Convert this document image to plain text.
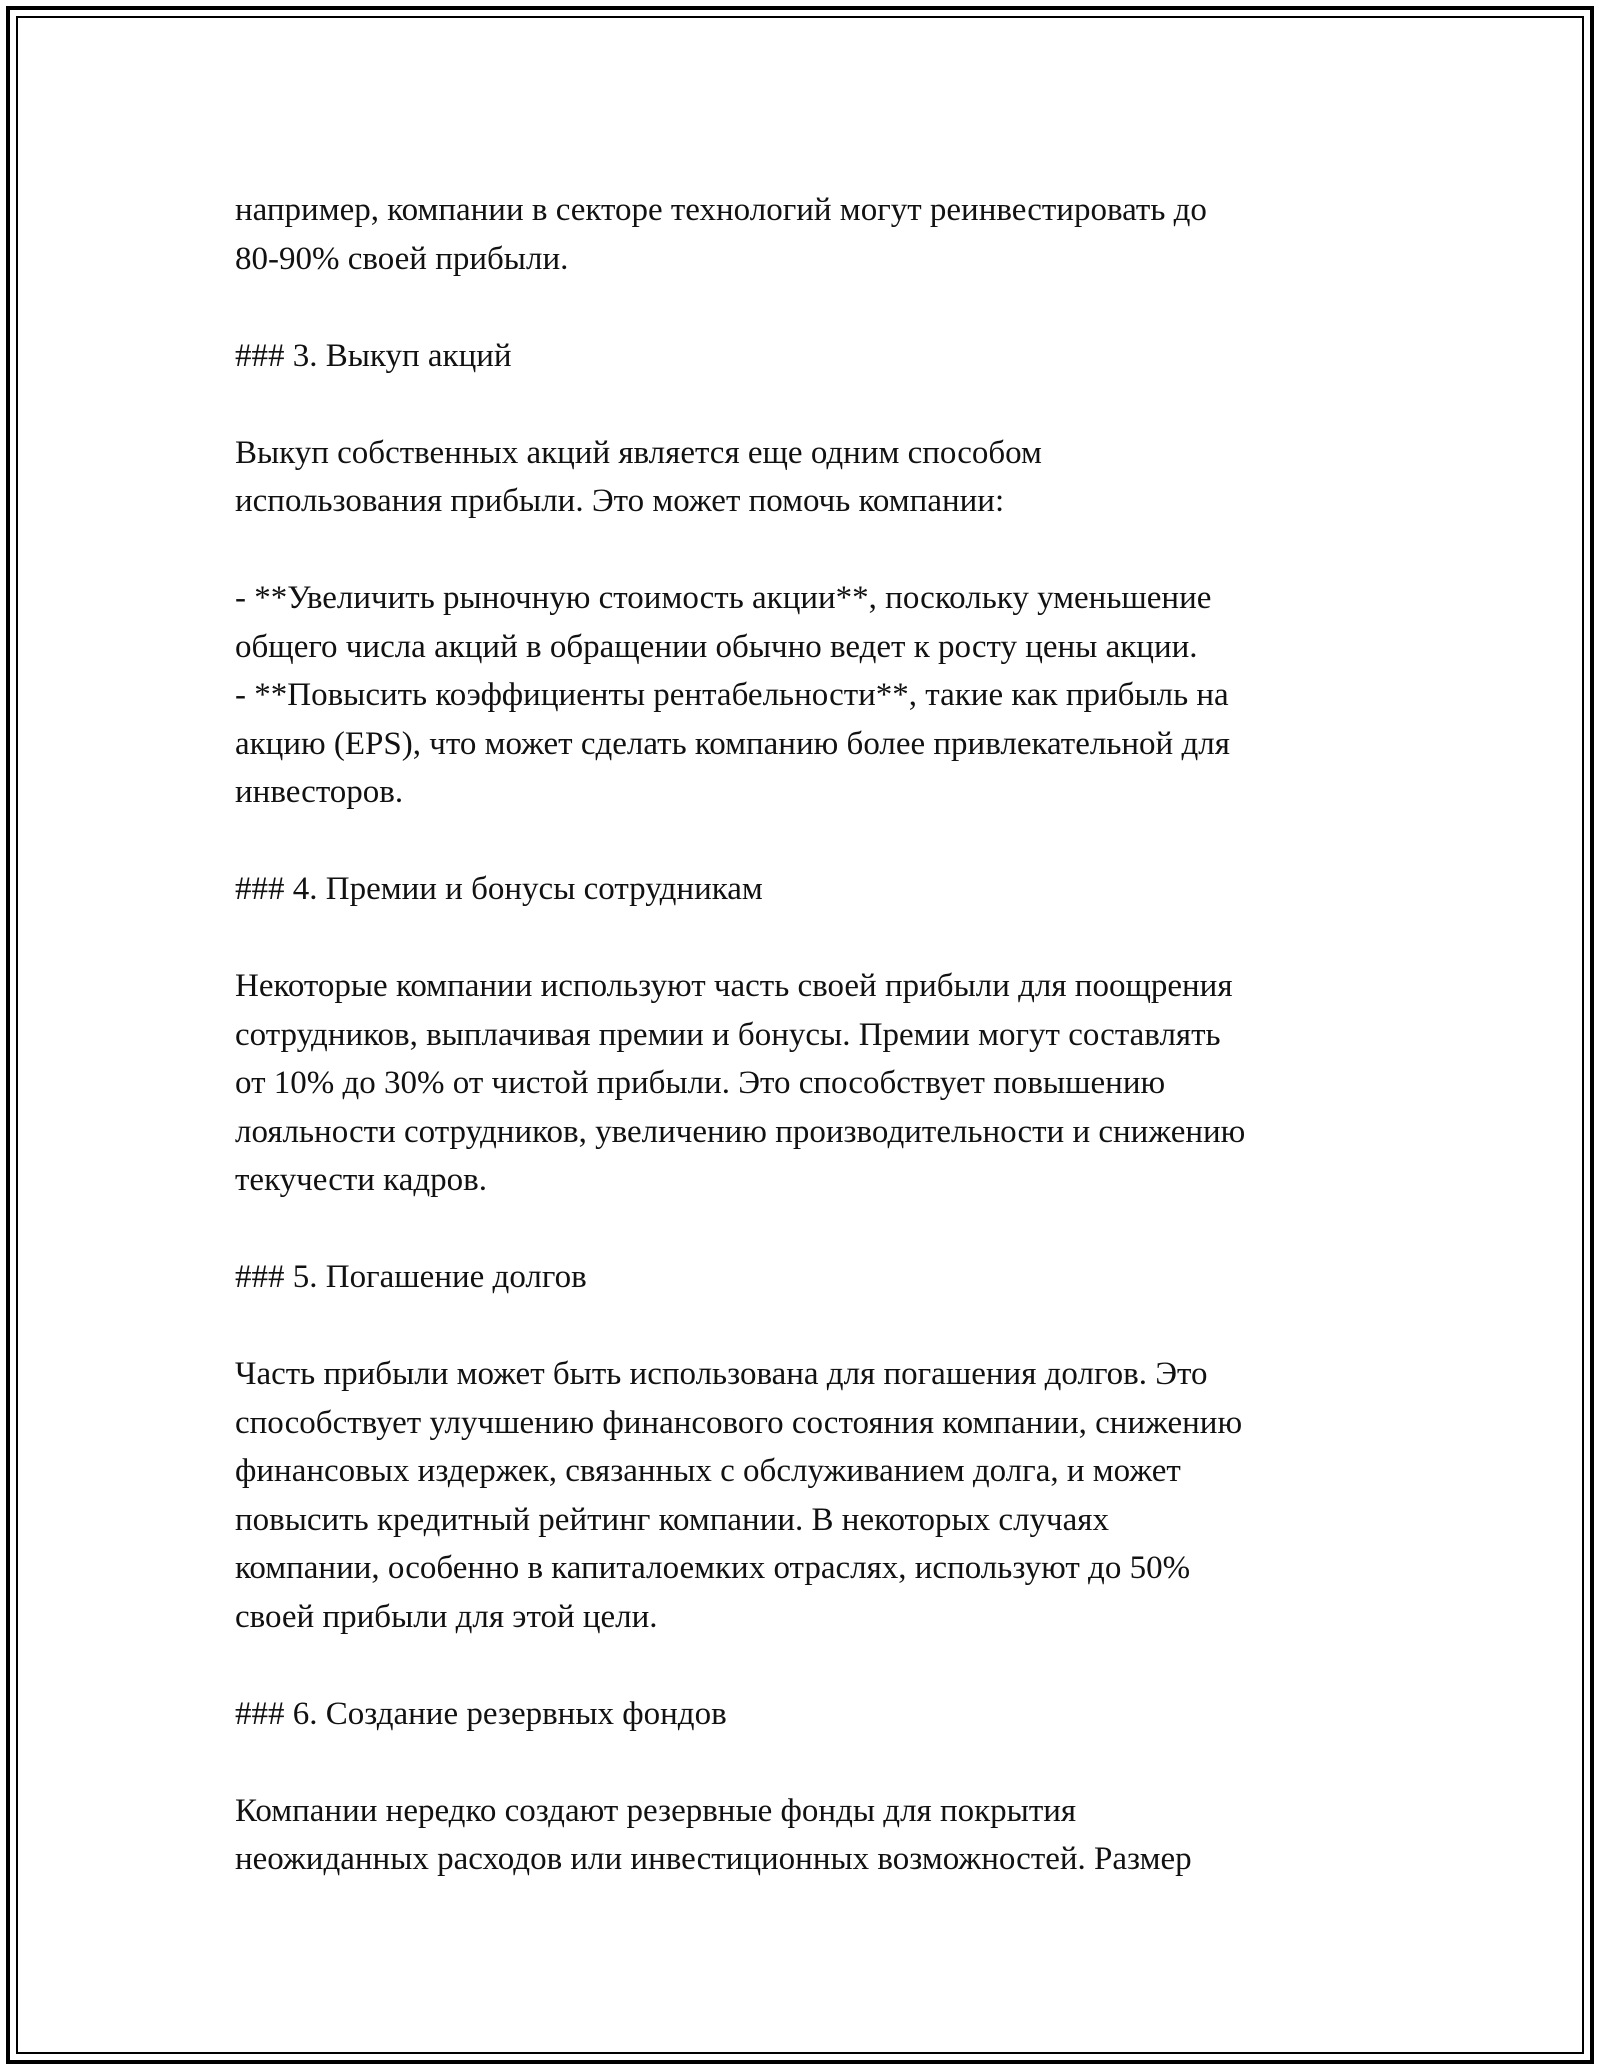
например, компании в секторе технологий могут реинвестировать до
80-90% своей прибыли.
### 3. Выкуп акций
Выкуп собственных акций является еще одним способом
использования прибыли. Это может помочь компании:
- **Увеличить рыночную стоимость акции**, поскольку уменьшение
общего числа акций в обращении обычно ведет к росту цены акции.
- **Повысить коэффициенты рентабельности**, такие как прибыль на
акцию (EPS), что может сделать компанию более привлекательной для
инвесторов.
### 4. Премии и бонусы сотрудникам
Некоторые компании используют часть своей прибыли для поощрения
сотрудников, выплачивая премии и бонусы. Премии могут составлять
от 10% до 30% от чистой прибыли. Это способствует повышению
лояльности сотрудников, увеличению производительности и снижению
текучести кадров.
### 5. Погашение долгов
Часть прибыли может быть использована для погашения долгов. Это
способствует улучшению финансового состояния компании, снижению
финансовых издержек, связанных с обслуживанием долга, и может
повысить кредитный рейтинг компании. В некоторых случаях
компании, особенно в капиталоемких отраслях, используют до 50%
своей прибыли для этой цели.
### 6. Создание резервных фондов
Компании нередко создают резервные фонды для покрытия
неожиданных расходов или инвестиционных возможностей. Размер
